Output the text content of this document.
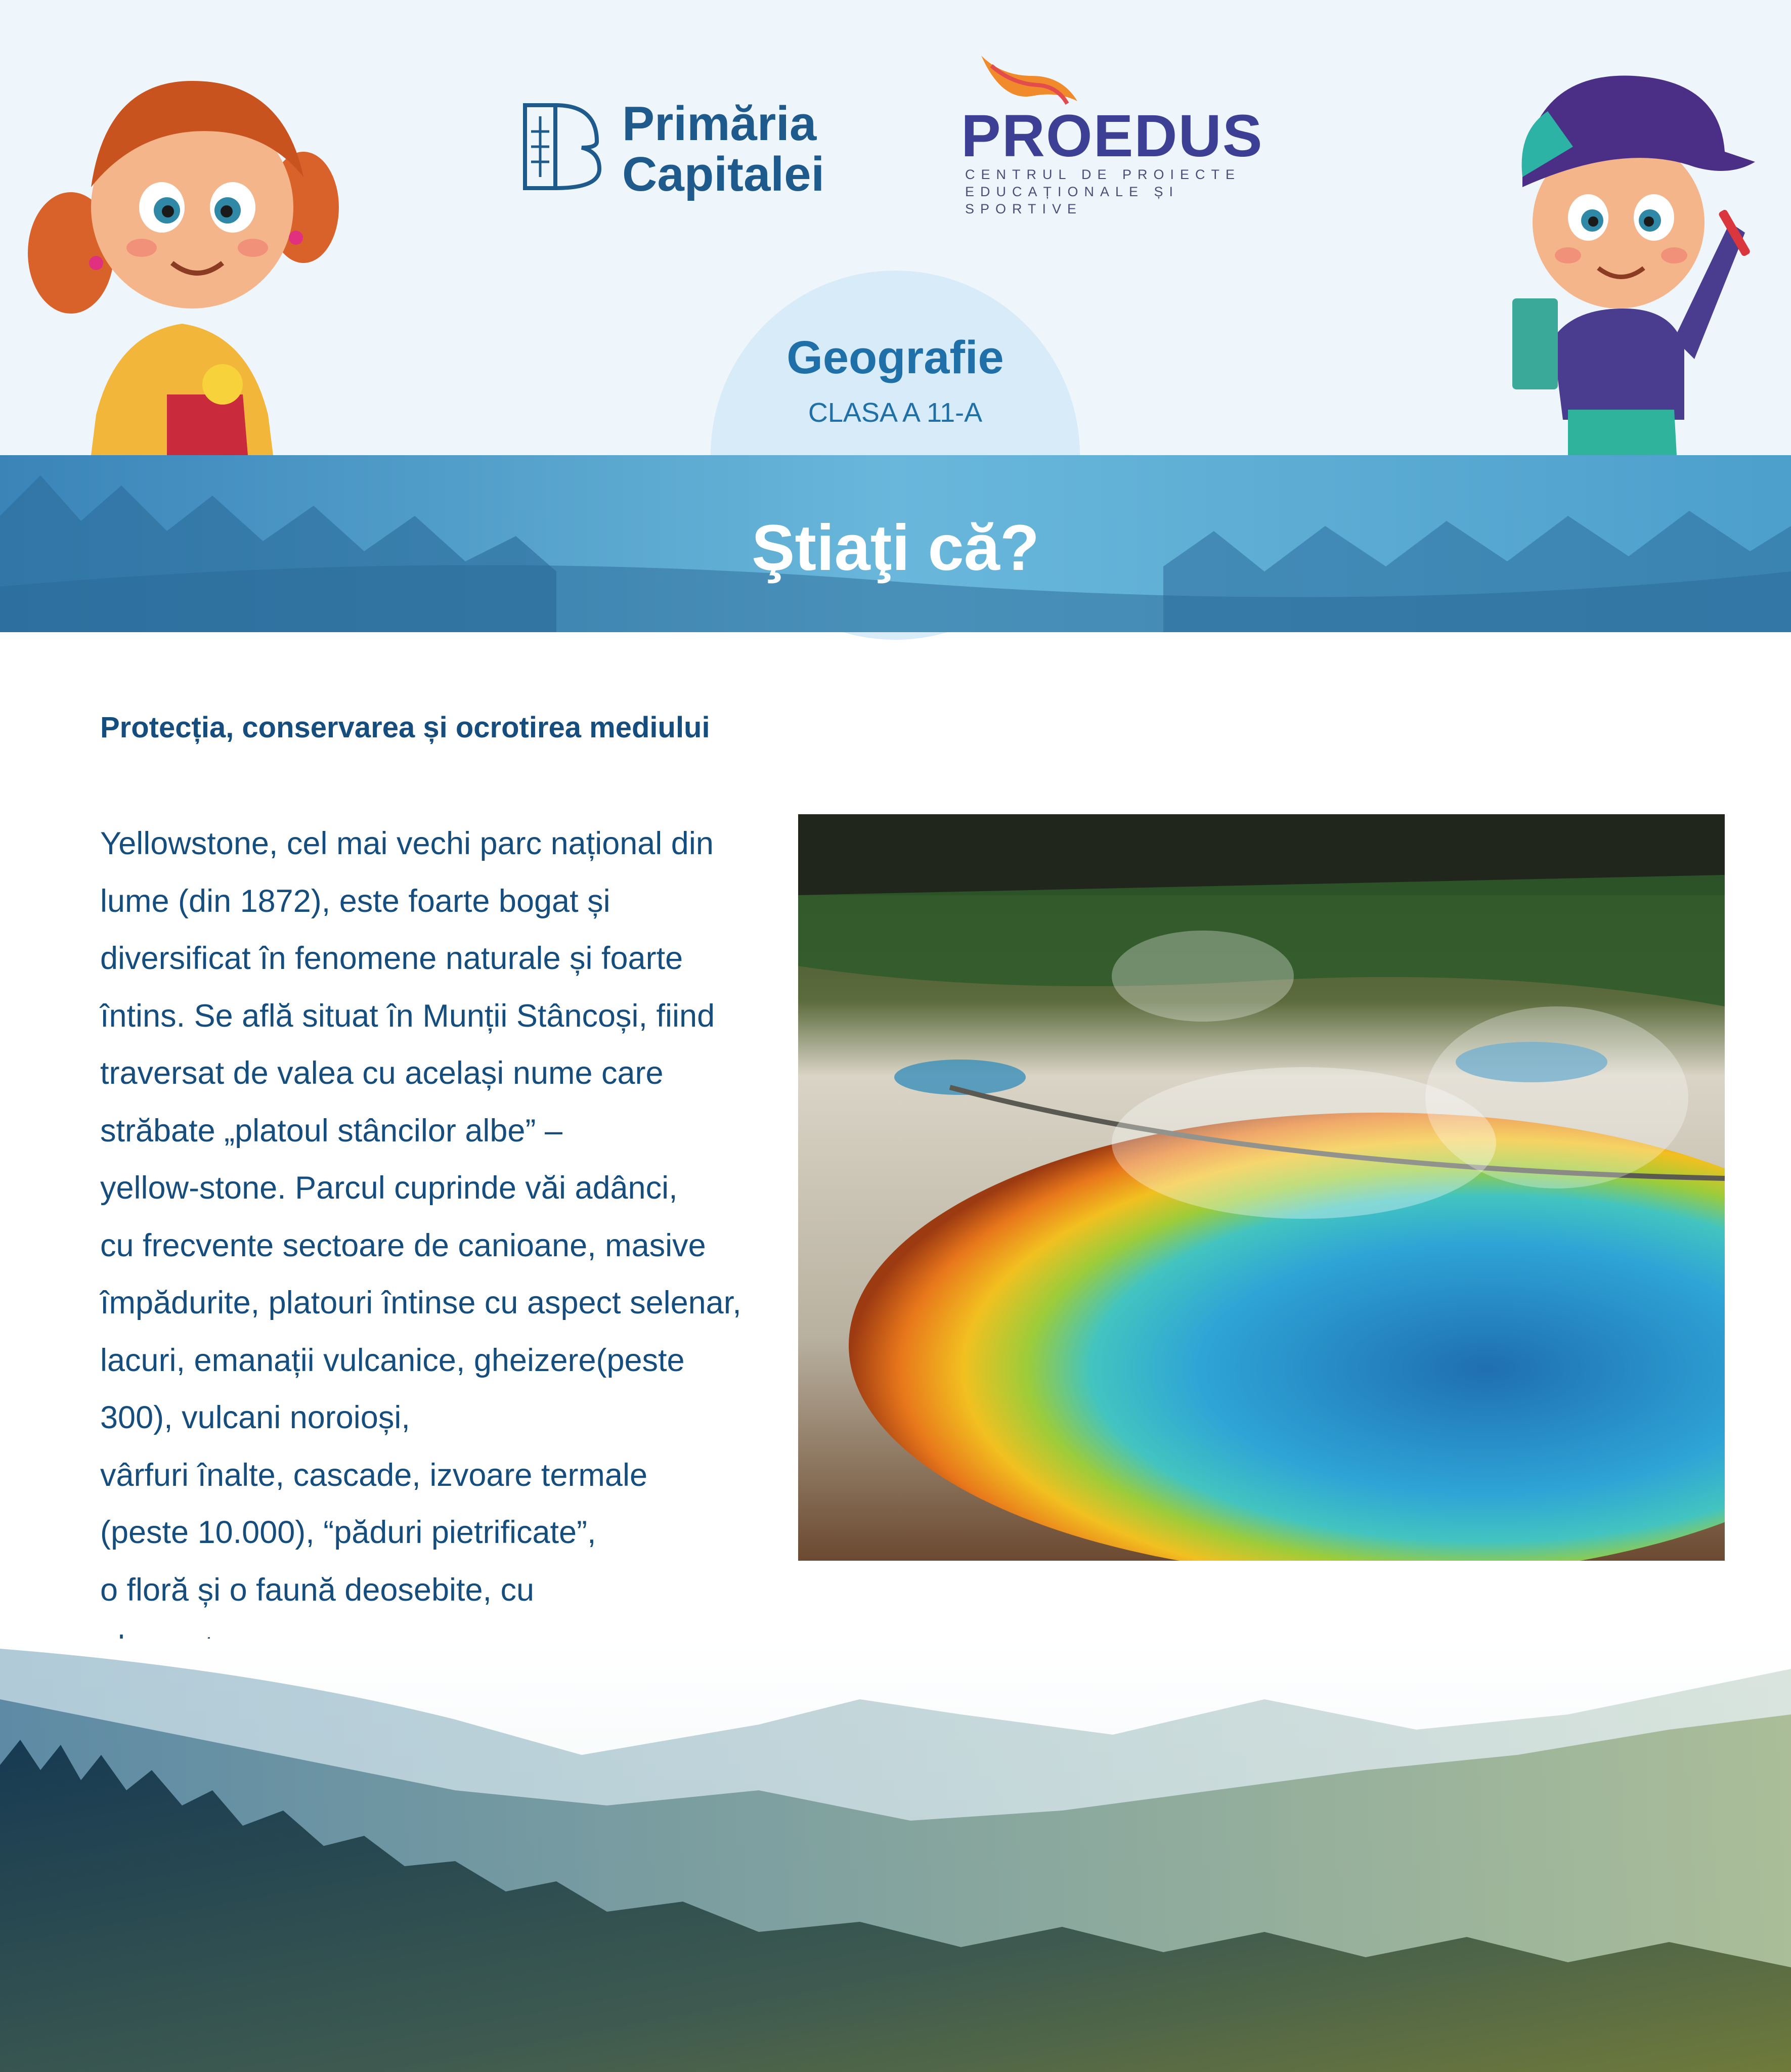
Primăria
Capitalei
PROEDUS
CENTRUL DE PROIECTE
EDUCAȚIONALE ȘI SPORTIVE
Geografie
CLASA A 11-A
Ştiaţi că?
Protecția, conservarea și ocrotirea mediului
Yellowstone, cel mai vechi parc național din
lume (din 1872), este foarte bogat și
diversificat în fenomene naturale și foarte
întins. Se află situat în Munții Stâncoși, fiind
traversat de valea cu același nume care
străbate „platoul stâncilor albe” –
yellow-stone. Parcul cuprinde văi adânci,
cu frecvente sectoare de canioane, masive
împădurite, platouri întinse cu aspect selenar,
lacuri, emanații vulcanice, gheizere(peste
300), vulcani noroioși,
vârfuri înalte, cascade, izvoare termale
(peste 10.000), “păduri pietrificate”,
o floră și o faună deosebite, cu
